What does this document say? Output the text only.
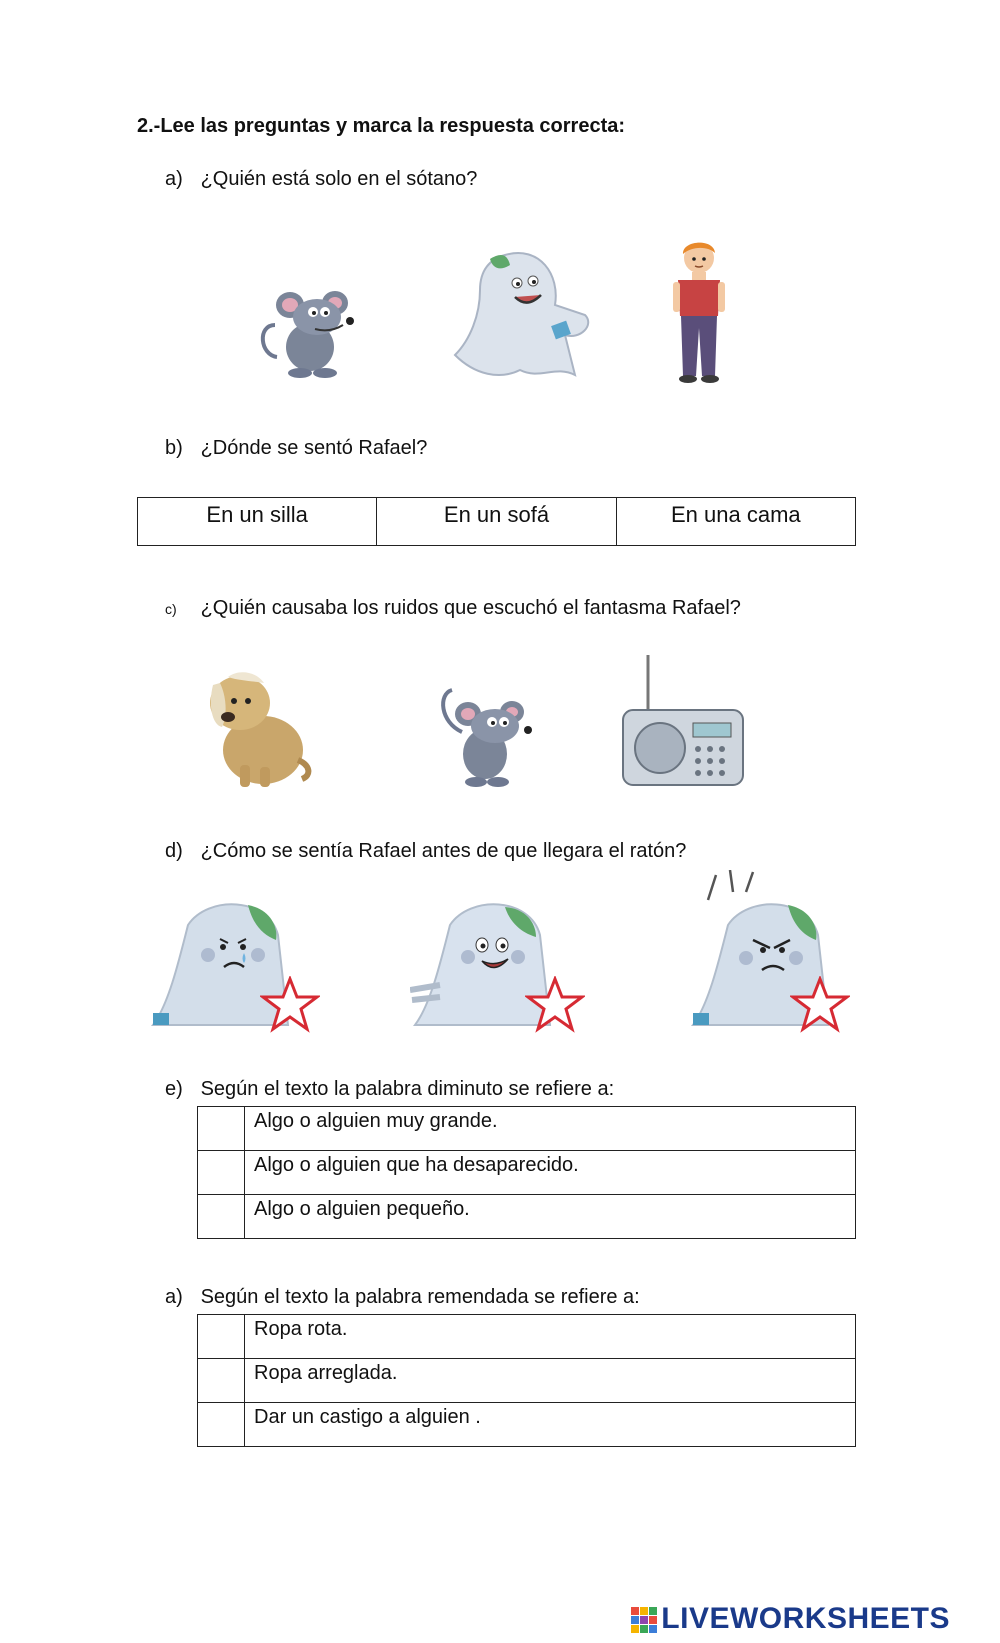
2.-Lee las preguntas y marca la respuesta correcta:
a) ¿Quién está solo en el sótano?
b) ¿Dónde se sentó Rafael?
En un silla	En un sofá	En una cama
c) ¿Quién causaba los ruidos que escuchó el fantasma Rafael?
d) ¿Cómo se sentía Rafael antes de que llegara el ratón?
e) Según el texto la palabra diminuto se refiere a:
	Algo o alguien muy grande.
	Algo o alguien que ha desaparecido.
	Algo o alguien pequeño.
a) Según el texto la palabra remendada se refiere a:
	Ropa rota.
	Ropa arreglada.
	Dar un castigo a alguien .
LIVEWORKSHEETS
